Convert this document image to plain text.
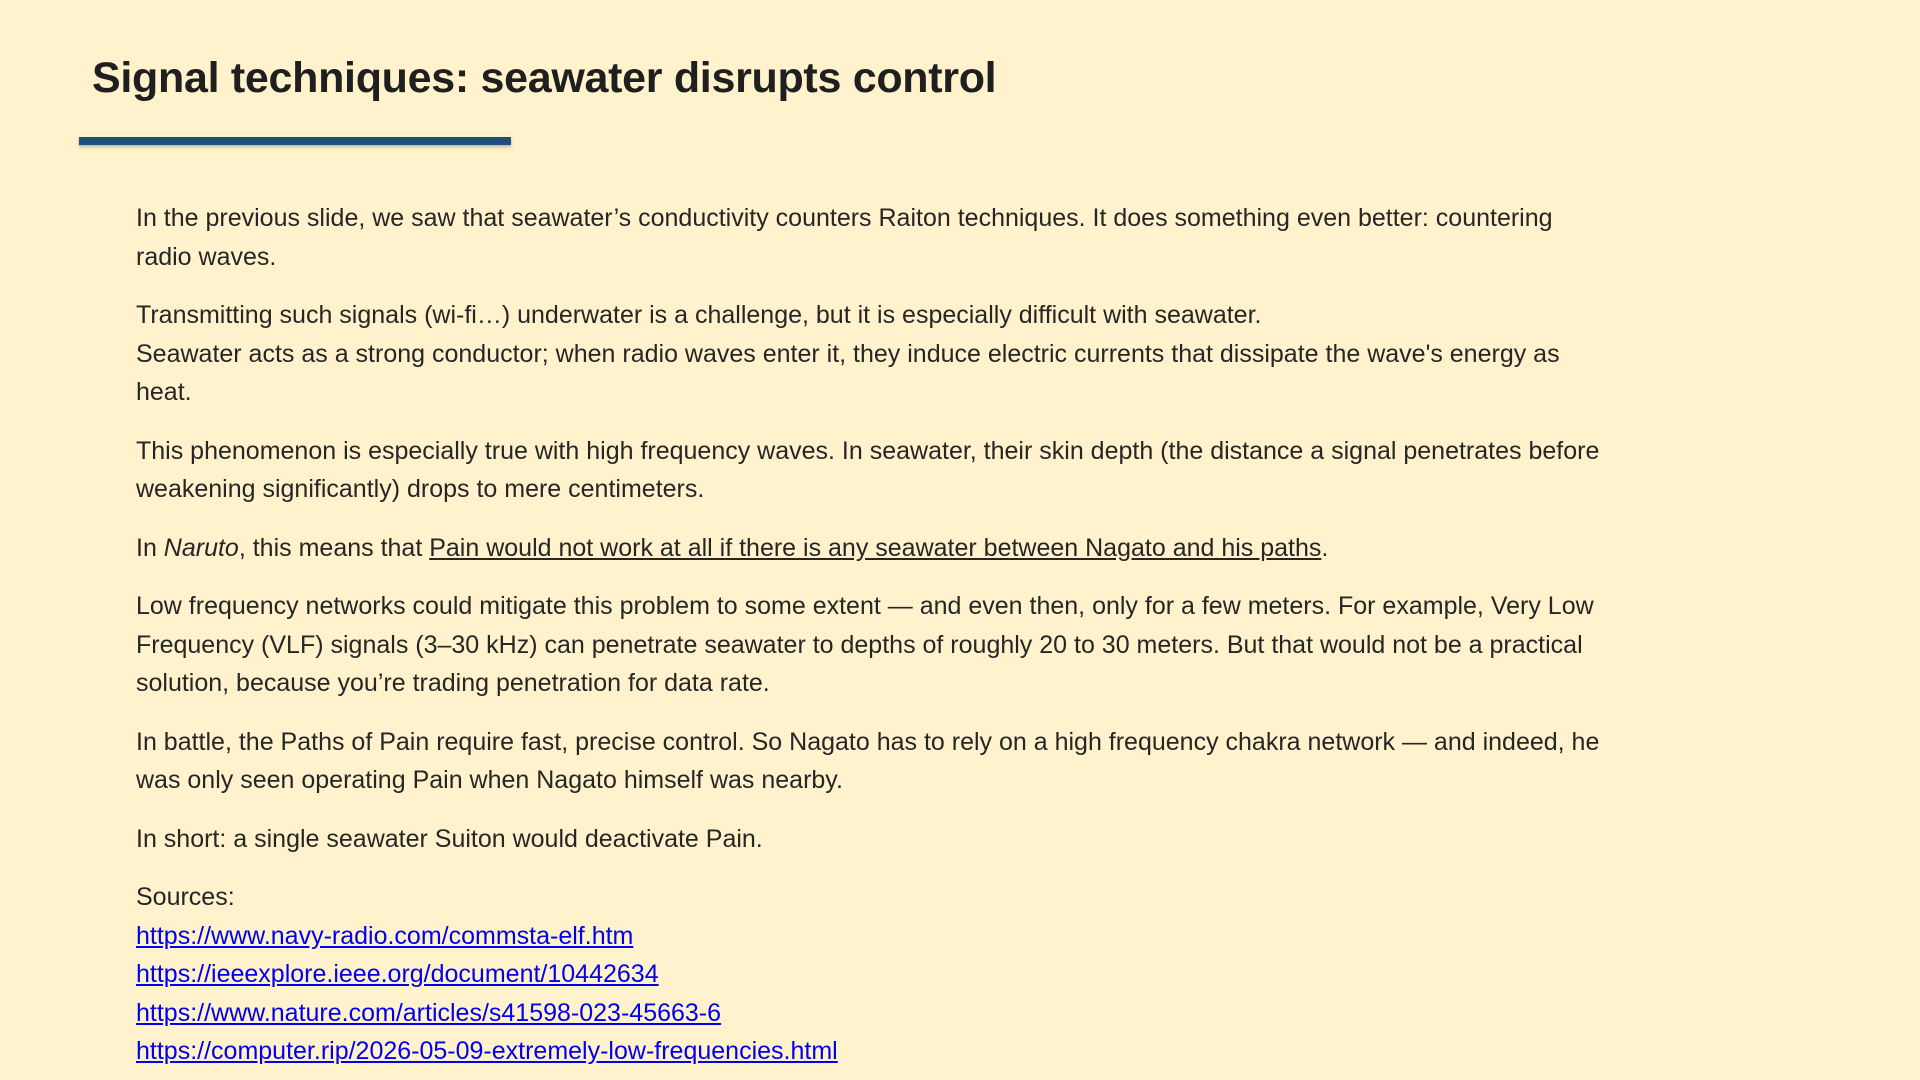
Signal techniques: seawater disrupts control

In the previous slide, we saw that seawater’s conductivity counters Raiton techniques. It does something even better: countering radio waves.

Transmitting such signals (wi-fi…) underwater is a challenge, but it is especially difficult with seawater.

Seawater acts as a strong conductor; when radio waves enter it, they induce electric currents that dissipate the wave's energy as heat.

This phenomenon is especially true with high frequency waves. In seawater, their skin depth (the distance a signal penetrates before weakening significantly) drops to mere centimeters.

In Naruto, this means that Pain would not work at all if there is any seawater between Nagato and his paths.

Low frequency networks could mitigate this problem to some extent — and even then, only for a few meters. For example, Very Low Frequency (VLF) signals (3–30 kHz) can penetrate seawater to depths of roughly 20 to 30 meters. But that would not be a practical solution, because you’re trading penetration for data rate.

In battle, the Paths of Pain require fast, precise control. So Nagato has to rely on a high frequency chakra network — and indeed, he was only seen operating Pain when Nagato himself was nearby.

In short: a single seawater Suiton would deactivate Pain.

Sources:
https://www.navy-radio.com/commsta-elf.htm
https://ieeexplore.ieee.org/document/10442634
https://www.nature.com/articles/s41598-023-45663-6
https://computer.rip/2026-05-09-extremely-low-frequencies.html
